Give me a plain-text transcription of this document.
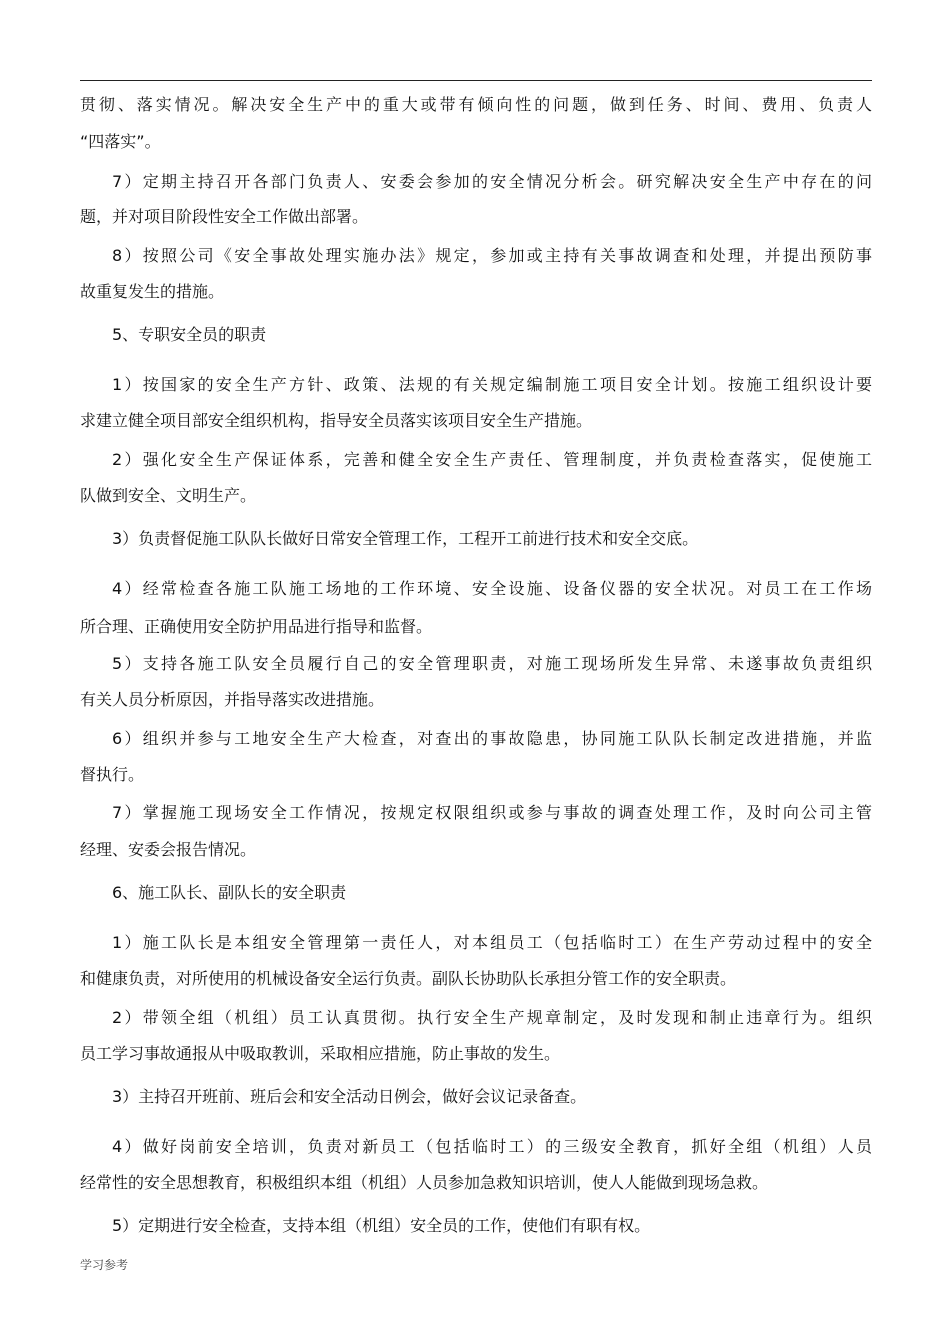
贯彻、落实情况。解决安全生产中的重大或带有倾向性的问题，做到任务、时间、费用、负责人
“四落实”。
7）定期主持召开各部门负责人、安委会参加的安全情况分析会。研究解决安全生产中存在的问
题，并对项目阶段性安全工作做出部署。
8）按照公司《安全事故处理实施办法》规定，参加或主持有关事故调查和处理，并提出预防事
故重复发生的措施。
5、专职安全员的职责
1）按国家的安全生产方针、政策、法规的有关规定编制施工项目安全计划。按施工组织设计要
求建立健全项目部安全组织机构，指导安全员落实该项目安全生产措施。
2）强化安全生产保证体系，完善和健全安全生产责任、管理制度，并负责检查落实，促使施工
队做到安全、文明生产。
3）负责督促施工队队长做好日常安全管理工作，工程开工前进行技术和安全交底。
4）经常检查各施工队施工场地的工作环境、安全设施、设备仪器的安全状况。对员工在工作场
所合理、正确使用安全防护用品进行指导和监督。
5）支持各施工队安全员履行自己的安全管理职责，对施工现场所发生异常、未遂事故负责组织
有关人员分析原因，并指导落实改进措施。
6）组织并参与工地安全生产大检查，对查出的事故隐患，协同施工队队长制定改进措施，并监
督执行。
7）掌握施工现场安全工作情况，按规定权限组织或参与事故的调查处理工作，及时向公司主管
经理、安委会报告情况。
6、施工队长、副队长的安全职责
1）施工队长是本组安全管理第一责任人，对本组员工（包括临时工）在生产劳动过程中的安全
和健康负责，对所使用的机械设备安全运行负责。副队长协助队长承担分管工作的安全职责。
2）带领全组（机组）员工认真贯彻。执行安全生产规章制定，及时发现和制止违章行为。组织
员工学习事故通报从中吸取教训，采取相应措施，防止事故的发生。
3）主持召开班前、班后会和安全活动日例会，做好会议记录备查。
4）做好岗前安全培训，负责对新员工（包括临时工）的三级安全教育，抓好全组（机组）人员
经常性的安全思想教育，积极组织本组（机组）人员参加急救知识培训，使人人能做到现场急救。
5）定期进行安全检查，支持本组（机组）安全员的工作，使他们有职有权。
学习参考
